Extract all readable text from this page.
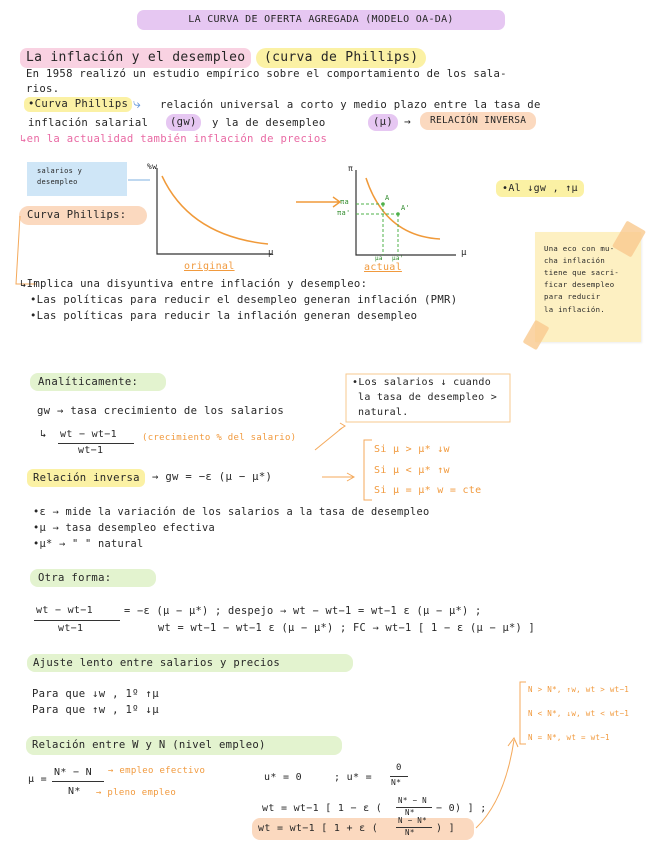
LA CURVA DE OFERTA AGREGADA (MODELO OA-DA)
La inflación y el desempleo	(curva de Phillips)
En 1958 realizó un estudio empírico sobre el comportamiento de los sala-
rios.
•Curva Phillips ⤷ relación universal a corto y medio plazo entre la tasa de
inflación salarial	(gw)	y la de desempleo	(μ) →	RELACIÓN INVERSA
↳en la actualidad también inflación de precios
salarios y desempleo
Curva Phillips:
%w
μ
original
π
μ
actual
πa
πa'
A
A'
μa μa'
•Al ↓gw , ↑μ
Una eco con mu-
cha inflación
tiene que sacri-
ficar desempleo
para reducir
la inflación.
↳Implica una disyuntiva entre inflación y desempleo:
•Las políticas para reducir el desempleo generan inflación (PMR)
•Las políticas para reducir la inflación generan desempleo
Analíticamente:	•Los salarios ↓ cuando
la tasa de desempleo >
natural.
gw → tasa crecimiento de los salarios
↳ wt − wt−1
wt−1
(crecimiento % del salario)
Relación inversa	→ gw = −ε (μ − μ*)
Si μ > μ* ↓w
Si μ < μ* ↑w
Si μ = μ* w = cte
•ε → mide la variación de los salarios a la tasa de desempleo
•μ → tasa desempleo efectiva
•μ* → " " natural
Otra forma:
wt − wt−1
wt−1
= −ε (μ − μ*) ; despejo → wt − wt−1 = wt−1 ε (μ − μ*) ;
wt = wt−1 − wt−1 ε (μ − μ*) ; FC → wt−1 [ 1 − ε (μ − μ*) ]
Ajuste lento entre salarios y precios
Para que ↓w , 1º ↑μ
Para que ↑w , 1º ↓μ
Relación entre W y N (nivel empleo)
μ =
N* − N
N*
→ empleo efectivo
→ pleno empleo
u* = 0	; u* =
0
N*
wt = wt−1 [ 1 − ε (
N* − N
N* − 0) ] ;
wt = wt−1 [ 1 + ε (
N − N*
N* ) ]
N > N*, ↑w, wt > wt−1
N < N*, ↓w, wt < wt−1
N = N*, wt = wt−1
